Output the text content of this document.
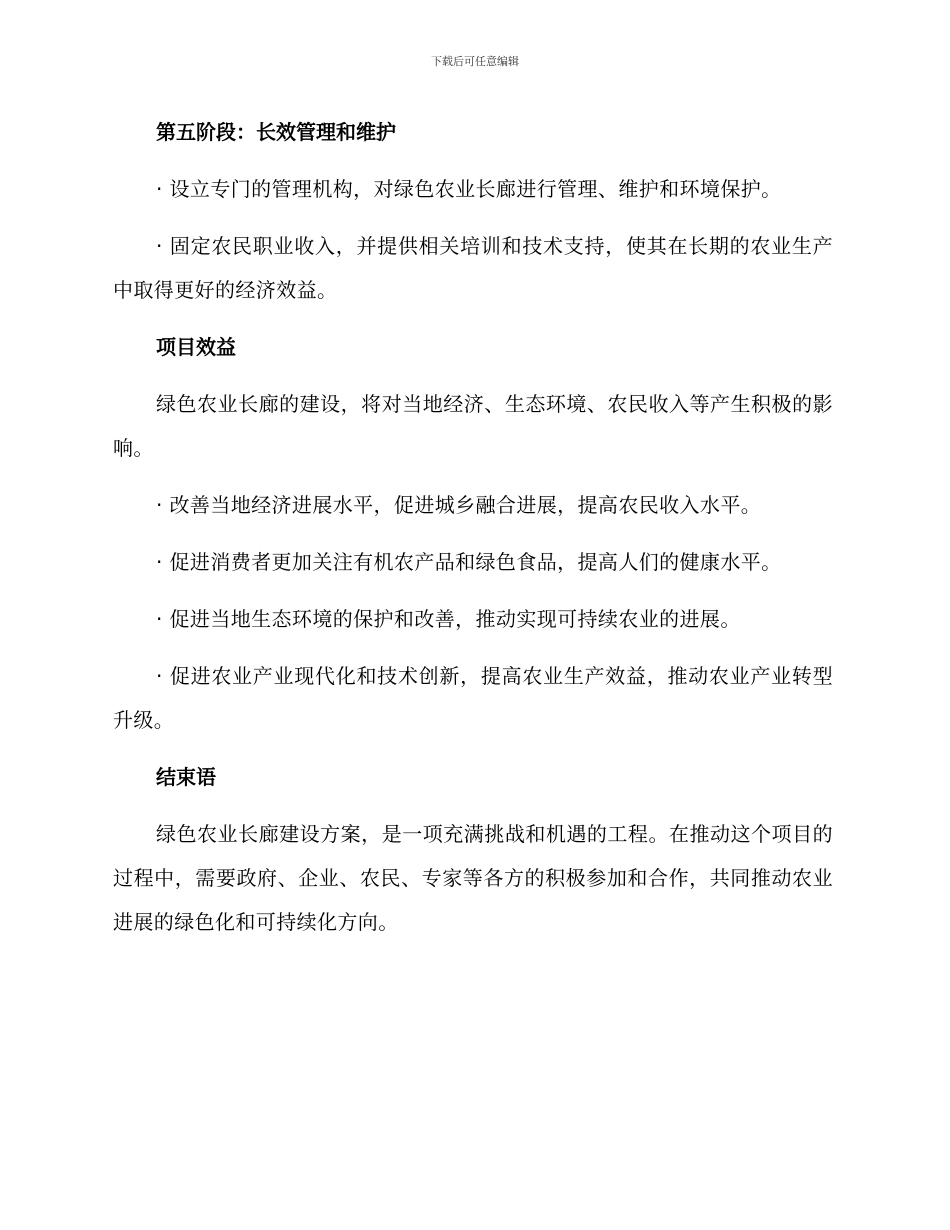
下载后可任意编辑
第五阶段：长效管理和维护

· 设立专门的管理机构，对绿色农业长廊进行管理、维护和环境保护。

· 固定农民职业收入，并提供相关培训和技术支持，使其在长期的农业生产中取得更好的经济效益。

项目效益

绿色农业长廊的建设，将对当地经济、生态环境、农民收入等产生积极的影响。

· 改善当地经济进展水平，促进城乡融合进展，提高农民收入水平。

· 促进消费者更加关注有机农产品和绿色食品，提高人们的健康水平。

· 促进当地生态环境的保护和改善，推动实现可持续农业的进展。

· 促进农业产业现代化和技术创新，提高农业生产效益，推动农业产业转型升级。

结束语

绿色农业长廊建设方案，是一项充满挑战和机遇的工程。在推动这个项目的过程中，需要政府、企业、农民、专家等各方的积极参加和合作，共同推动农业进展的绿色化和可持续化方向。
